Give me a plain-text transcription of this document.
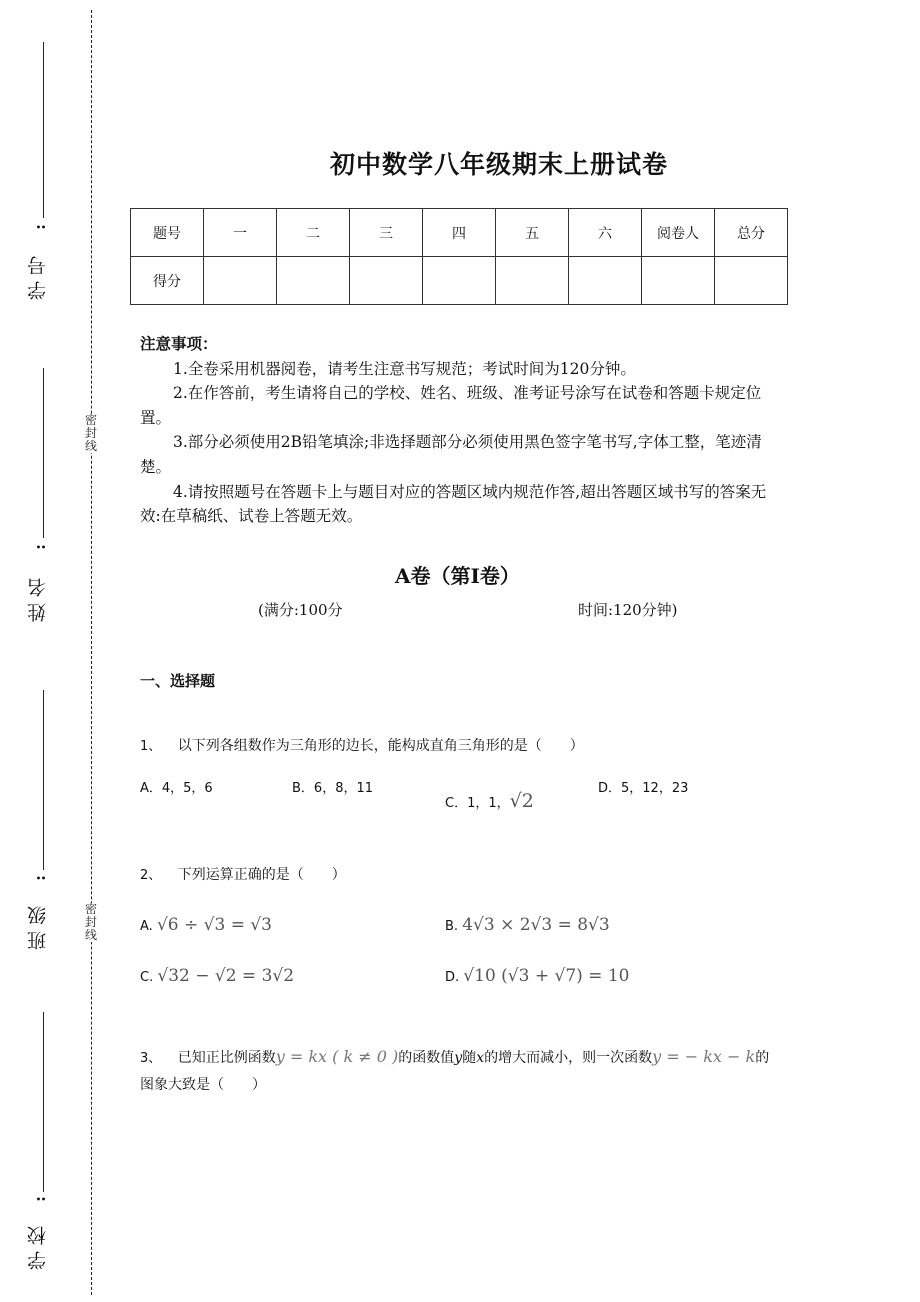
:
学号
:
姓名
:
班级
:
学校
密封线
密封线
初中数学八年级期末上册试卷
题号	一	二	三	四	五	六	阅卷人	总分
得分								
注意事项：
1.全卷采用机器阅卷，请考生注意书写规范；考试时间为120分钟。
2.在作答前，考生请将自己的学校、姓名、班级、准考证号涂写在试卷和答题卡规定位置。
3.部分必须使用2B铅笔填涂;非选择题部分必须使用黑色签字笔书写,字体工整，笔迹清楚。
4.请按照题号在答题卡上与题目对应的答题区域内规范作答,超出答题区域书写的答案无效:在草稿纸、试卷上答题无效。
A卷（第I卷）
(满分:100分	时间:120分钟)
一、选择题
1、 以下列各组数作为三角形的边长，能构成直角三角形的是（　　）
A．4，5，6	B．6，8，11
C．1，1，√2
D．5，12，23
2、 下列运算正确的是（　　）
A. √6 ÷ √3 = √3	B. 4√3 × 2√3 = 8√3
C. √32 − √2 = 3√2	D. √10 (√3 + √7) = 10
3、 已知正比例函数y = kx ( k ≠ 0 )的函数值y随x的增大而减小，则一次函数y = − kx − k的
图象大致是（　　）
